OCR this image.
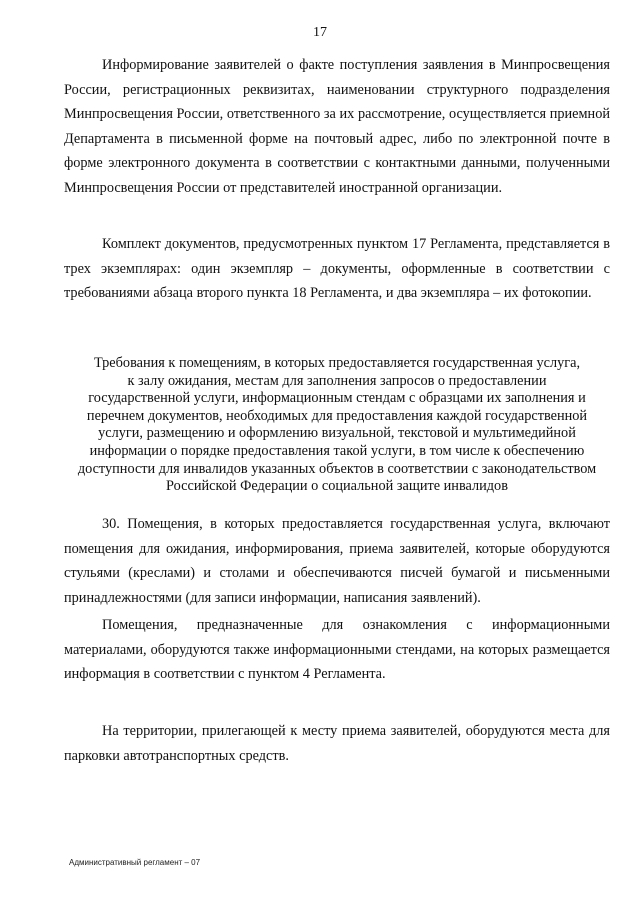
17

Информирование заявителей о факте поступления заявления в Минпросвещения России, регистрационных реквизитах, наименовании структурного подразделения Минпросвещения России, ответственного за их рассмотрение, осуществляется приемной Департамента в письменной форме на почтовый адрес, либо по электронной почте в форме электронного документа в соответствии с контактными данными, полученными Минпросвещения России от представителей иностранной организации.

Комплект документов, предусмотренных пунктом 17 Регламента, представляется в трех экземплярах: один экземпляр – документы, оформленные в соответствии с требованиями абзаца второго пункта 18 Регламента, и два экземпляра – их фотокопии.

Требования к помещениям, в которых предоставляется государственная услуга,
к залу ожидания, местам для заполнения запросов о предоставлении
государственной услуги, информационным стендам с образцами их заполнения и
перечнем документов, необходимых для предоставления каждой государственной
услуги, размещению и оформлению визуальной, текстовой и мультимедийной
информации о порядке предоставления такой услуги, в том числе к обеспечению
доступности для инвалидов указанных объектов в соответствии с законодательством
Российской Федерации о социальной защите инвалидов

30. Помещения, в которых предоставляется государственная услуга, включают помещения для ожидания, информирования, приема заявителей, которые оборудуются стульями (креслами) и столами и обеспечиваются писчей бумагой и письменными принадлежностями (для записи информации, написания заявлений).

Помещения, предназначенные для ознакомления с информационными материалами, оборудуются также информационными стендами, на которых размещается информация в соответствии с пунктом 4 Регламента.

На территории, прилегающей к месту приема заявителей, оборудуются места для парковки автотранспортных средств.

Административный регламент – 07
